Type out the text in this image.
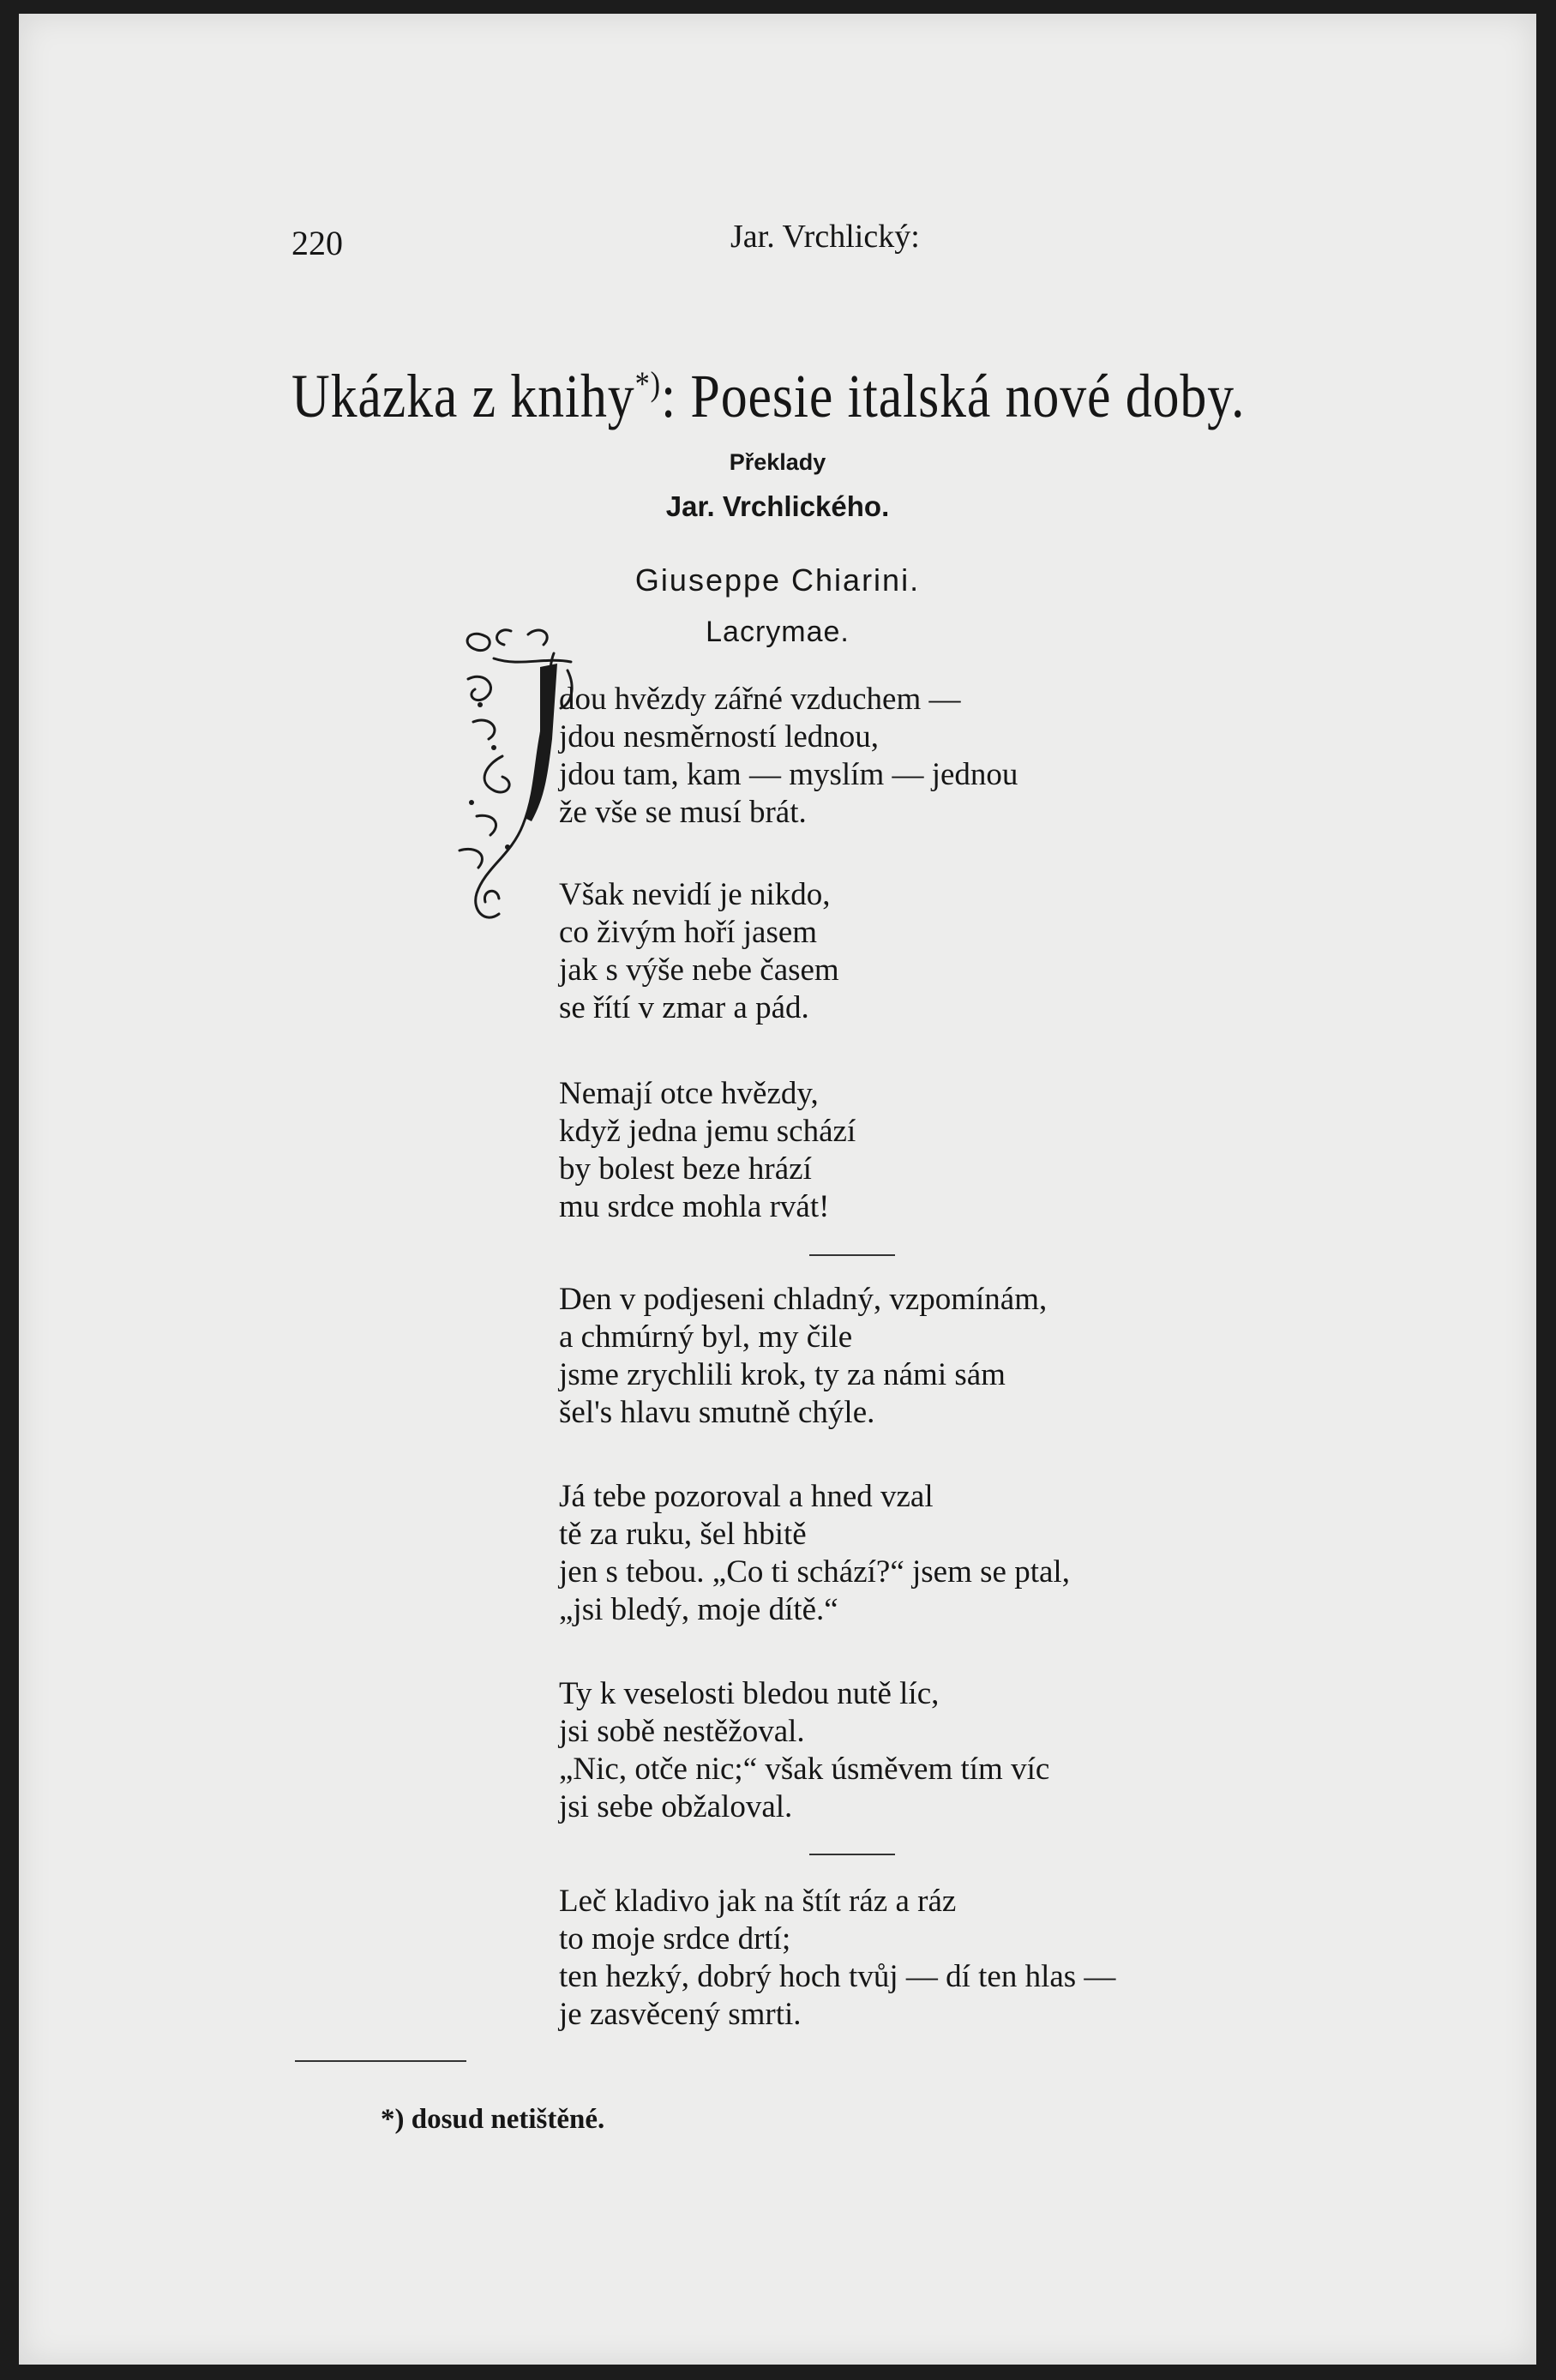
220	Jar. Vrchlický:
Ukázka z knihy*): Poesie italská nové doby.
Překlady
Jar. Vrchlického.
Giuseppe Chiarini.
Lacrymae.
dou hvězdy zářné vzduchem —
jdou nesměrností lednou,
jdou tam, kam — myslím — jednou
že vše se musí brát.
Však nevidí je nikdo,
co živým hoří jasem
jak s výše nebe časem
se řítí v zmar a pád.
Nemají otce hvězdy,
když jedna jemu schází
by bolest beze hrází
mu srdce mohla rvát!
Den v podjeseni chladný, vzpomínám,
a chmúrný byl, my čile
jsme zrychlili krok, ty za námi sám
šel's hlavu smutně chýle.
Já tebe pozoroval a hned vzal
tě za ruku, šel hbitě
jen s tebou. „Co ti schází?“ jsem se ptal,
„jsi bledý, moje dítě.“
Ty k veselosti bledou nutě líc,
jsi sobě nestěžoval.
„Nic, otče nic;“ však úsměvem tím víc
jsi sebe obžaloval.
Leč kladivo jak na štít ráz a ráz
to moje srdce drtí;
ten hezký, dobrý hoch tvůj — dí ten hlas —
je zasvěcený smrti.
*) dosud netištěné.
